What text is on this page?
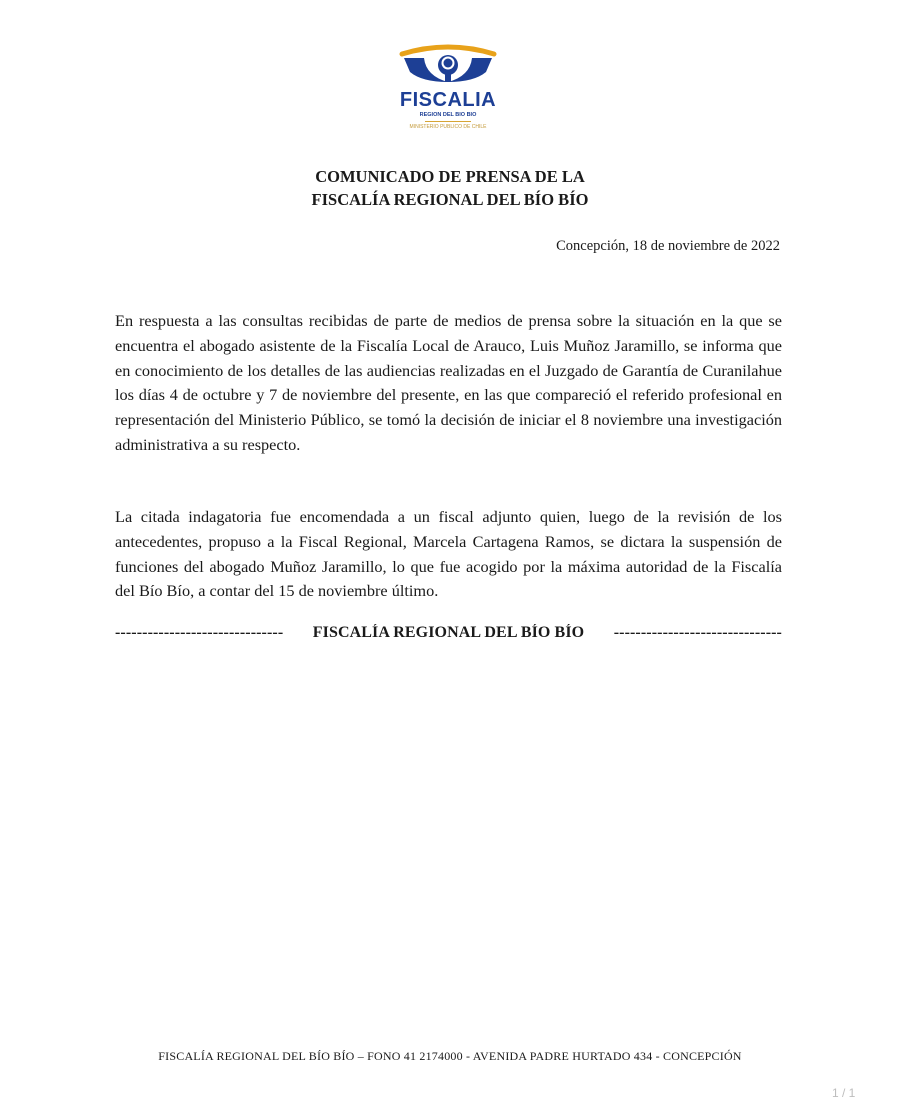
FISCALIA
REGION DEL BIO BIO
MINISTERIO PUBLICO DE CHILE
COMUNICADO DE PRENSA DE LA
FISCALÍA REGIONAL DEL BÍO BÍO
Concepción, 18 de noviembre de 2022

En respuesta a las consultas recibidas de parte de medios de prensa sobre la situación en la que se encuentra el abogado asistente de la Fiscalía Local de Arauco, Luis Muñoz Jaramillo, se informa que en conocimiento de los detalles de las audiencias realizadas en el Juzgado de Garantía de Curanilahue los días 4 de octubre y 7 de noviembre del presente, en las que compareció el referido profesional en representación del Ministerio Público, se tomó la decisión de iniciar el 8 noviembre una investigación administrativa a su respecto.

La citada indagatoria fue encomendada a un fiscal adjunto quien, luego de la revisión de los antecedentes, propuso a la Fiscal Regional, Marcela Cartagena Ramos, se dictara la suspensión de funciones del abogado Muñoz Jaramillo, lo que fue acogido por la máxima autoridad de la Fiscalía del Bío Bío, a contar del 15 de noviembre último.

------------------------------- FISCALÍA REGIONAL DEL BÍO BÍO -------------------------------
FISCALÍA REGIONAL DEL BÍO BÍO – FONO 41 2174000 - AVENIDA PADRE HURTADO 434 - CONCEPCIÓN
1 / 1
